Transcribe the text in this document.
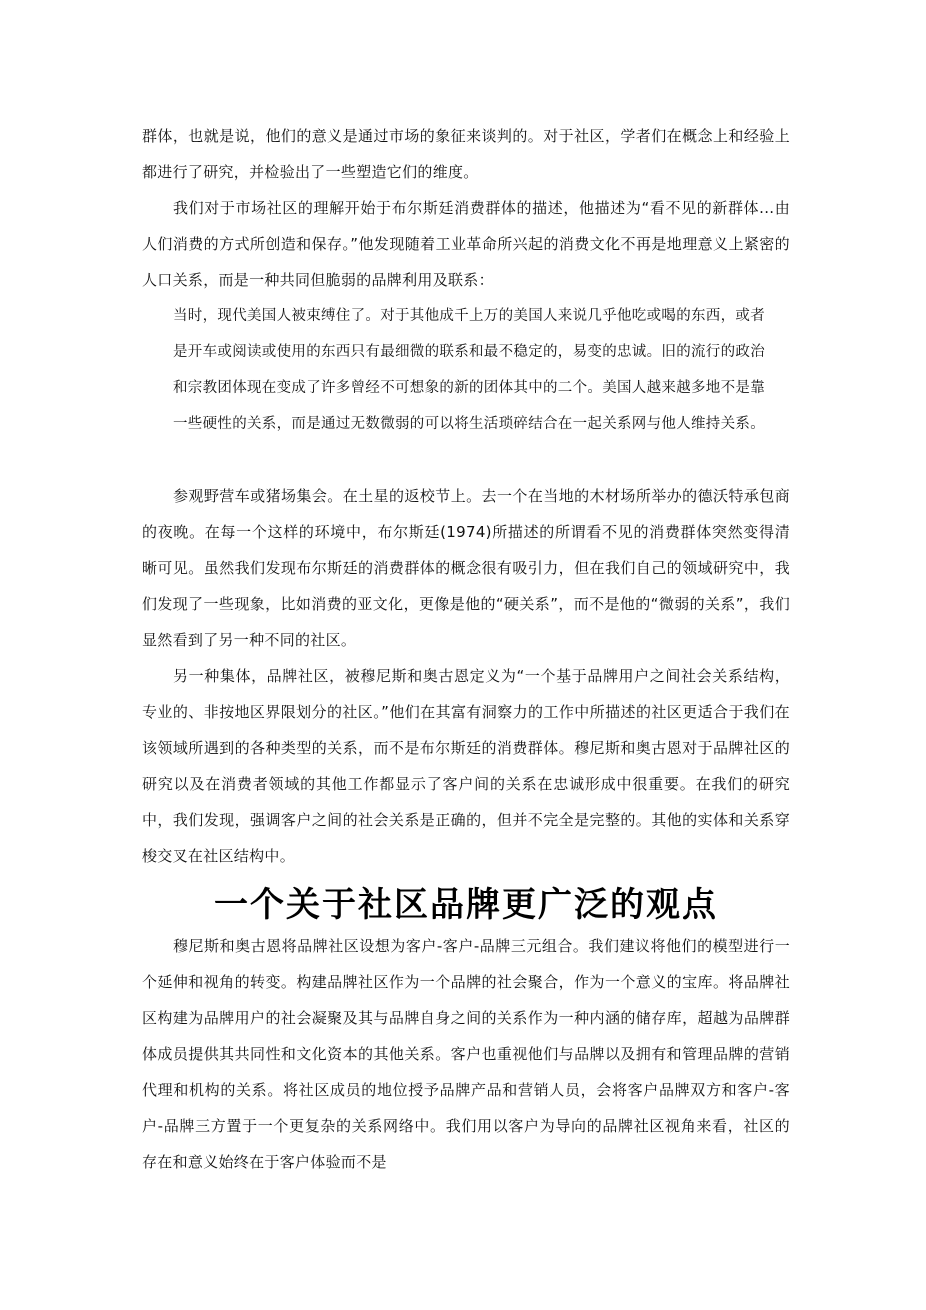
群体，也就是说，他们的意义是通过市场的象征来谈判的。对于社区，学者们在概念上和经验上都进行了研究，并检验出了一些塑造它们的维度。

我们对于市场社区的理解开始于布尔斯廷消费群体的描述，他描述为“看不见的新群体...由人们消费的方式所创造和保存。”他发现随着工业革命所兴起的消费文化不再是地理意义上紧密的人口关系，而是一种共同但脆弱的品牌利用及联系：

当时，现代美国人被束缚住了。对于其他成千上万的美国人来说几乎他吃或喝的东西，或者是开车或阅读或使用的东西只有最细微的联系和最不稳定的，易变的忠诚。旧的流行的政治和宗教团体现在变成了许多曾经不可想象的新的团体其中的二个。美国人越来越多地不是靠一些硬性的关系，而是通过无数微弱的可以将生活琐碎结合在一起关系网与他人维持关系。

参观野营车或猪场集会。在土星的返校节上。去一个在当地的木材场所举办的德沃特承包商的夜晚。在每一个这样的环境中，布尔斯廷(1974)所描述的所谓看不见的消费群体突然变得清晰可见。虽然我们发现布尔斯廷的消费群体的概念很有吸引力，但在我们自己的领域研究中，我们发现了一些现象，比如消费的亚文化，更像是他的“硬关系”，而不是他的“微弱的关系”，我们显然看到了另一种不同的社区。

另一种集体，品牌社区，被穆尼斯和奥古恩定义为“一个基于品牌用户之间社会关系结构，专业的、非按地区界限划分的社区。”他们在其富有洞察力的工作中所描述的社区更适合于我们在该领域所遇到的各种类型的关系，而不是布尔斯廷的消费群体。穆尼斯和奥古恩对于品牌社区的研究以及在消费者领域的其他工作都显示了客户间的关系在忠诚形成中很重要。在我们的研究中，我们发现，强调客户之间的社会关系是正确的，但并不完全是完整的。其他的实体和关系穿梭交叉在社区结构中。

一个关于社区品牌更广泛的观点

穆尼斯和奥古恩将品牌社区设想为客户-客户-品牌三元组合。我们建议将他们的模型进行一个延伸和视角的转变。构建品牌社区作为一个品牌的社会聚合，作为一个意义的宝库。将品牌社区构建为品牌用户的社会凝聚及其与品牌自身之间的关系作为一种内涵的储存库，超越为品牌群体成员提供其共同性和文化资本的其他关系。客户也重视他们与品牌以及拥有和管理品牌的营销代理和机构的关系。将社区成员的地位授予品牌产品和营销人员，会将客户品牌双方和客户-客户-品牌三方置于一个更复杂的关系网络中。我们用以客户为导向的品牌社区视角来看，社区的存在和意义始终在于客户体验而不是
